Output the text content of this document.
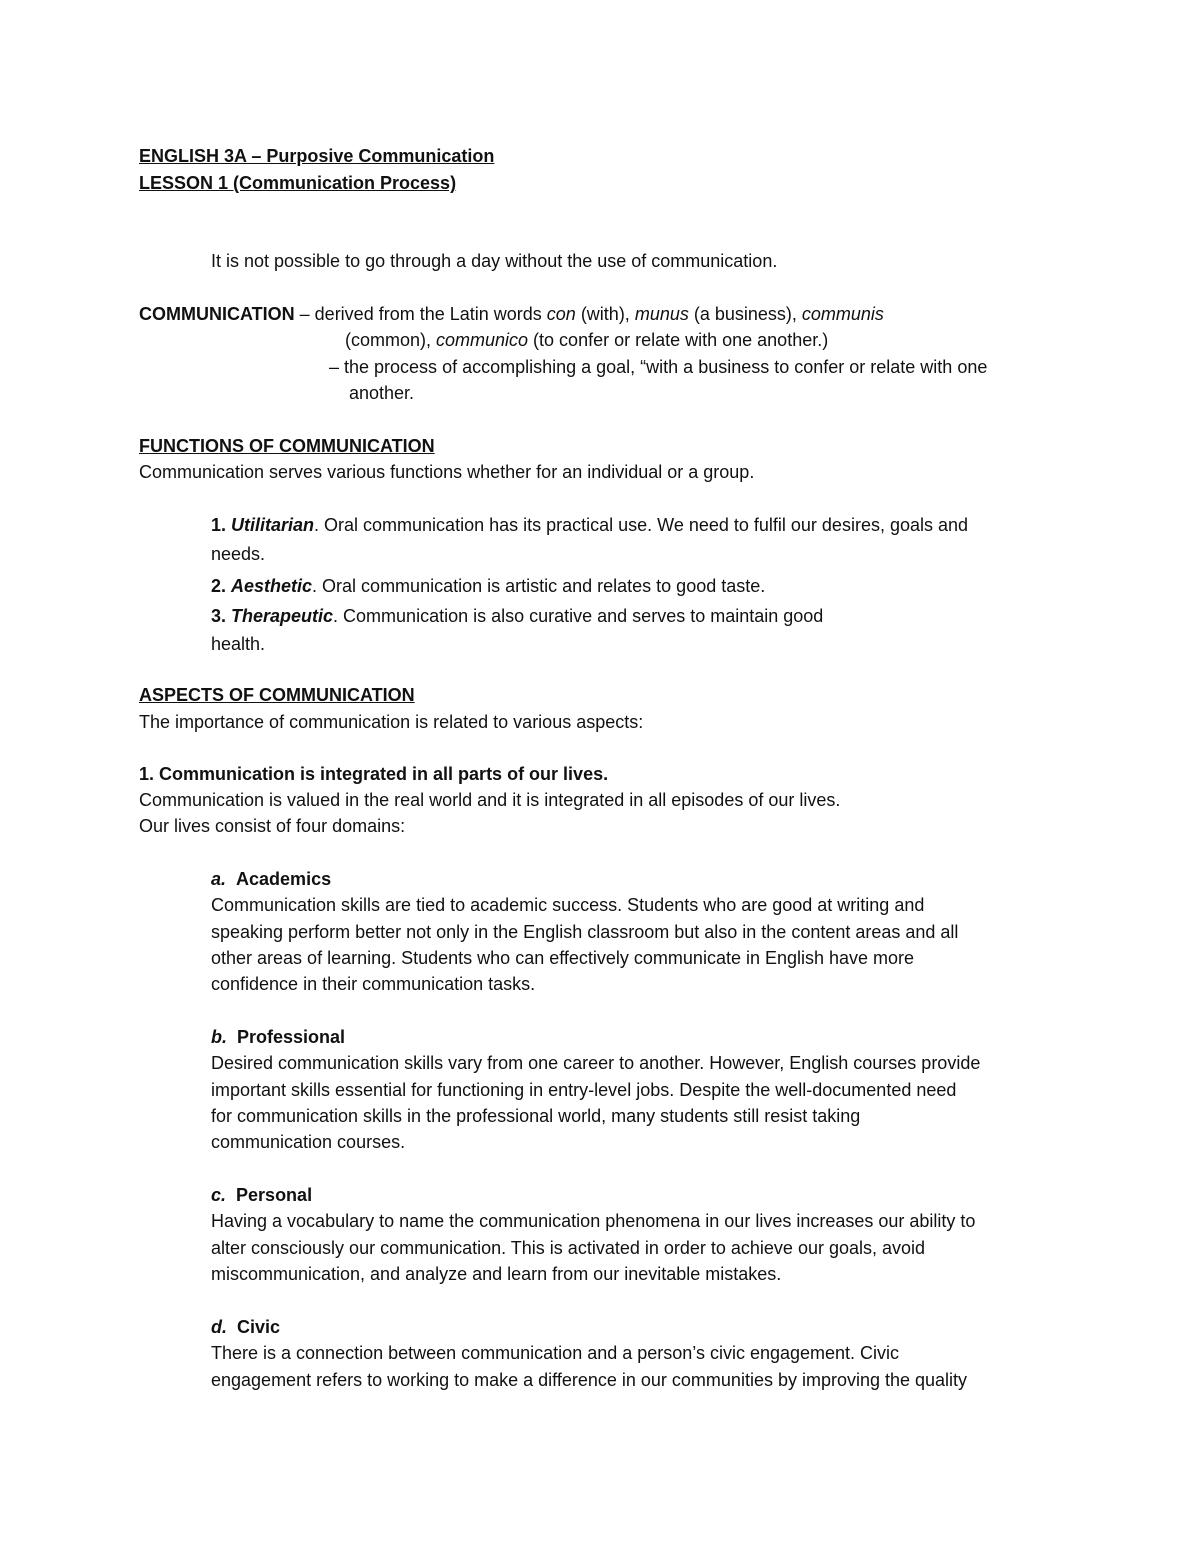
ENGLISH 3A – Purposive Communication
LESSON 1 (Communication Process)
It is not possible to go through a day without the use of communication.
COMMUNICATION – derived from the Latin words con (with), munus (a business), communis
(common), communico (to confer or relate with one another.)
– the process of accomplishing a goal, “with a business to confer or relate with one
another.
FUNCTIONS OF COMMUNICATION
Communication serves various functions whether for an individual or a group.
1. Utilitarian. Oral communication has its practical use. We need to fulfil our desires, goals and
needs.
2. Aesthetic. Oral communication is artistic and relates to good taste.
3. Therapeutic. Communication is also curative and serves to maintain good
health.
ASPECTS OF COMMUNICATION
The importance of communication is related to various aspects:
1. Communication is integrated in all parts of our lives.
Communication is valued in the real world and it is integrated in all episodes of our lives.
Our lives consist of four domains:
a. Academics
Communication skills are tied to academic success. Students who are good at writing and
speaking perform better not only in the English classroom but also in the content areas and all
other areas of learning. Students who can effectively communicate in English have more
confidence in their communication tasks.
b. Professional
Desired communication skills vary from one career to another. However, English courses provide
important skills essential for functioning in entry-level jobs. Despite the well-documented need
for communication skills in the professional world, many students still resist taking
communication courses.
c. Personal
Having a vocabulary to name the communication phenomena in our lives increases our ability to
alter consciously our communication. This is activated in order to achieve our goals, avoid
miscommunication, and analyze and learn from our inevitable mistakes.
d. Civic
There is a connection between communication and a person’s civic engagement. Civic
engagement refers to working to make a difference in our communities by improving the quality
